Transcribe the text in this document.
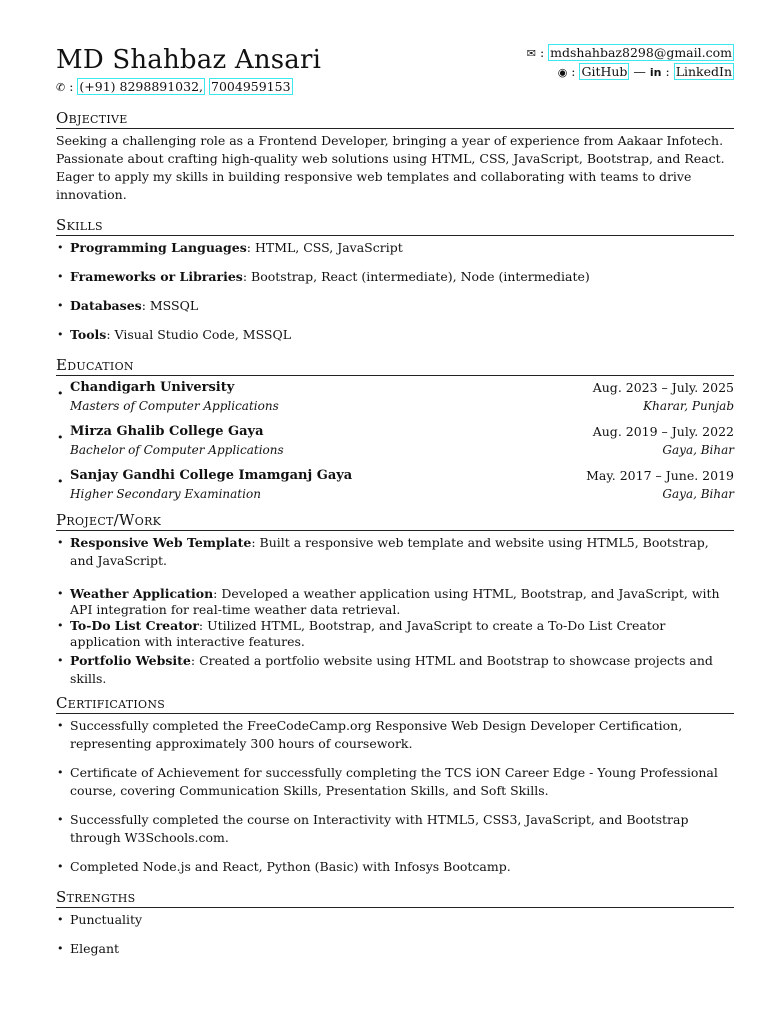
MD Shahbaz Ansari
✆ : (+91) 8298891032, 7004959153
✉ : mdshahbaz8298@gmail.com
◉ : GitHub — in : LinkedIn
Objective
Seeking a challenging role as a Frontend Developer, bringing a year of experience from Aakaar Infotech. Passionate about crafting high-quality web solutions using HTML, CSS, JavaScript, Bootstrap, and React. Eager to apply my skills in building responsive web templates and collaborating with teams to drive innovation.
Skills
• Programming Languages: HTML, CSS, JavaScript
• Frameworks or Libraries: Bootstrap, React (intermediate), Node (intermediate)
• Databases: MSSQL
• Tools: Visual Studio Code, MSSQL
Education
• Chandigarh University	Aug. 2023 – July. 2025
Masters of Computer Applications	Kharar, Punjab
• Mirza Ghalib College Gaya	Aug. 2019 – July. 2022
Bachelor of Computer Applications	Gaya, Bihar
• Sanjay Gandhi College Imamganj Gaya	May. 2017 – June. 2019
Higher Secondary Examination	Gaya, Bihar
Project/Work
• Responsive Web Template: Built a responsive web template and website using HTML5, Bootstrap, and JavaScript.
• Weather Application: Developed a weather application using HTML, Bootstrap, and JavaScript, with API integration for real-time weather data retrieval.
• To-Do List Creator: Utilized HTML, Bootstrap, and JavaScript to create a To-Do List Creator application with interactive features.
• Portfolio Website: Created a portfolio website using HTML and Bootstrap to showcase projects and skills.
Certifications
• Successfully completed the FreeCodeCamp.org Responsive Web Design Developer Certification, representing approximately 300 hours of coursework.
• Certificate of Achievement for successfully completing the TCS iON Career Edge - Young Professional course, covering Communication Skills, Presentation Skills, and Soft Skills.
• Successfully completed the course on Interactivity with HTML5, CSS3, JavaScript, and Bootstrap through W3Schools.com.
• Completed Node.js and React, Python (Basic) with Infosys Bootcamp.
Strengths
• Punctuality
• Elegant
